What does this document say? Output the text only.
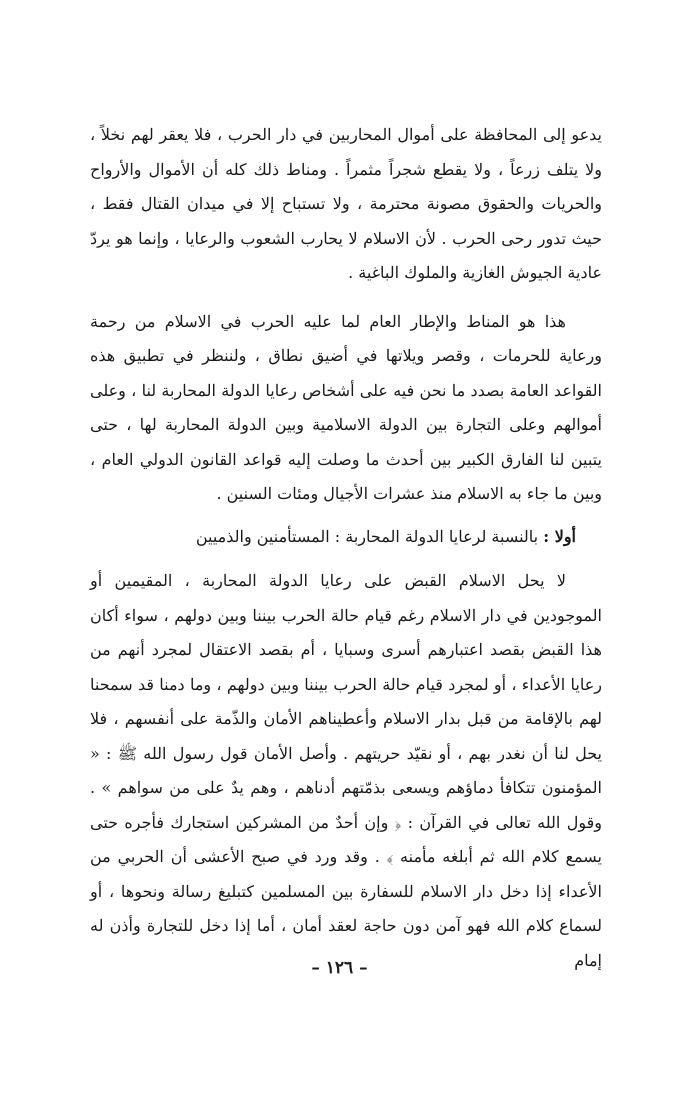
يدعو إلى المحافظة على أموال المحاربين في دار الحرب ، فلا يعقر لهم نخلاً ، ولا يتلف زرعاً ، ولا يقطع شجراً مثمراً . ومناط ذلك كله أن الأموال والأرواح والحريات والحقوق مصونة محترمة ، ولا تستباح إلا في ميدان القتال فقط ، حيث تدور رحى الحرب . لأن الاسلام لا يحارب الشعوب والرعايا ، وإنما هو يردّ عادية الجيوش الغازية والملوك الباغية .

هذا هو المناط والإطار العام لما عليه الحرب في الاسلام من رحمة ورعاية للحرمات ، وقصر ويلاتها في أضيق نطاق ، ولننظر في تطبيق هذه القواعد العامة بصدد ما نحن فيه على أشخاص رعايا الدولة المحاربة لنا ، وعلى أموالهم وعلى التجارة بين الدولة الاسلامية وبين الدولة المحاربة لها ، حتى يتبين لنا الفارق الكبير بين أحدث ما وصلت إليه قواعد القانون الدولي العام ، وبين ما جاء به الاسلام منذ عشرات الأجيال ومئات السنين .

أولا : بالنسبة لرعايا الدولة المحاربة : المستأمنين والذميين

لا يحل الاسلام القبض على رعايا الدولة المحاربة ، المقيمين أو الموجودين في دار الاسلام رغم قيام حالة الحرب بيننا وبين دولهم ، سواء أكان هذا القبض بقصد اعتبارهم أسرى وسبايا ، أم بقصد الاعتقال لمجرد أنهم من رعايا الأعداء ، أو لمجرد قيام حالة الحرب بيننا وبين دولهم ، وما دمنا قد سمحنا لهم بالإقامة من قبل بدار الاسلام وأعطيناهم الأمان والذّمة على أنفسهم ، فلا يحل لنا أن نغدر بهم ، أو نقيّد حريتهم . وأصل الأمان قول رسول الله ﷺ : « المؤمنون تتكافأ دماؤهم ويسعى بذمّتهم أدناهم ، وهم يدٌ على من سواهم » . وقول الله تعالى في القرآن : ﴿ وإن أحدٌ من المشركين استجارك فأجره حتى يسمع كلام الله ثم أبلغه مأمنه ﴾ . وقد ورد في صبح الأعشى أن الحربي من الأعداء إذا دخل دار الاسلام للسفارة بين المسلمين كتبليغ رسالة ونحوها ، أو لسماع كلام الله فهو آمن دون حاجة لعقد أمان ، أما إذا دخل للتجارة وأذن له إمام

– ١٢٦ –
